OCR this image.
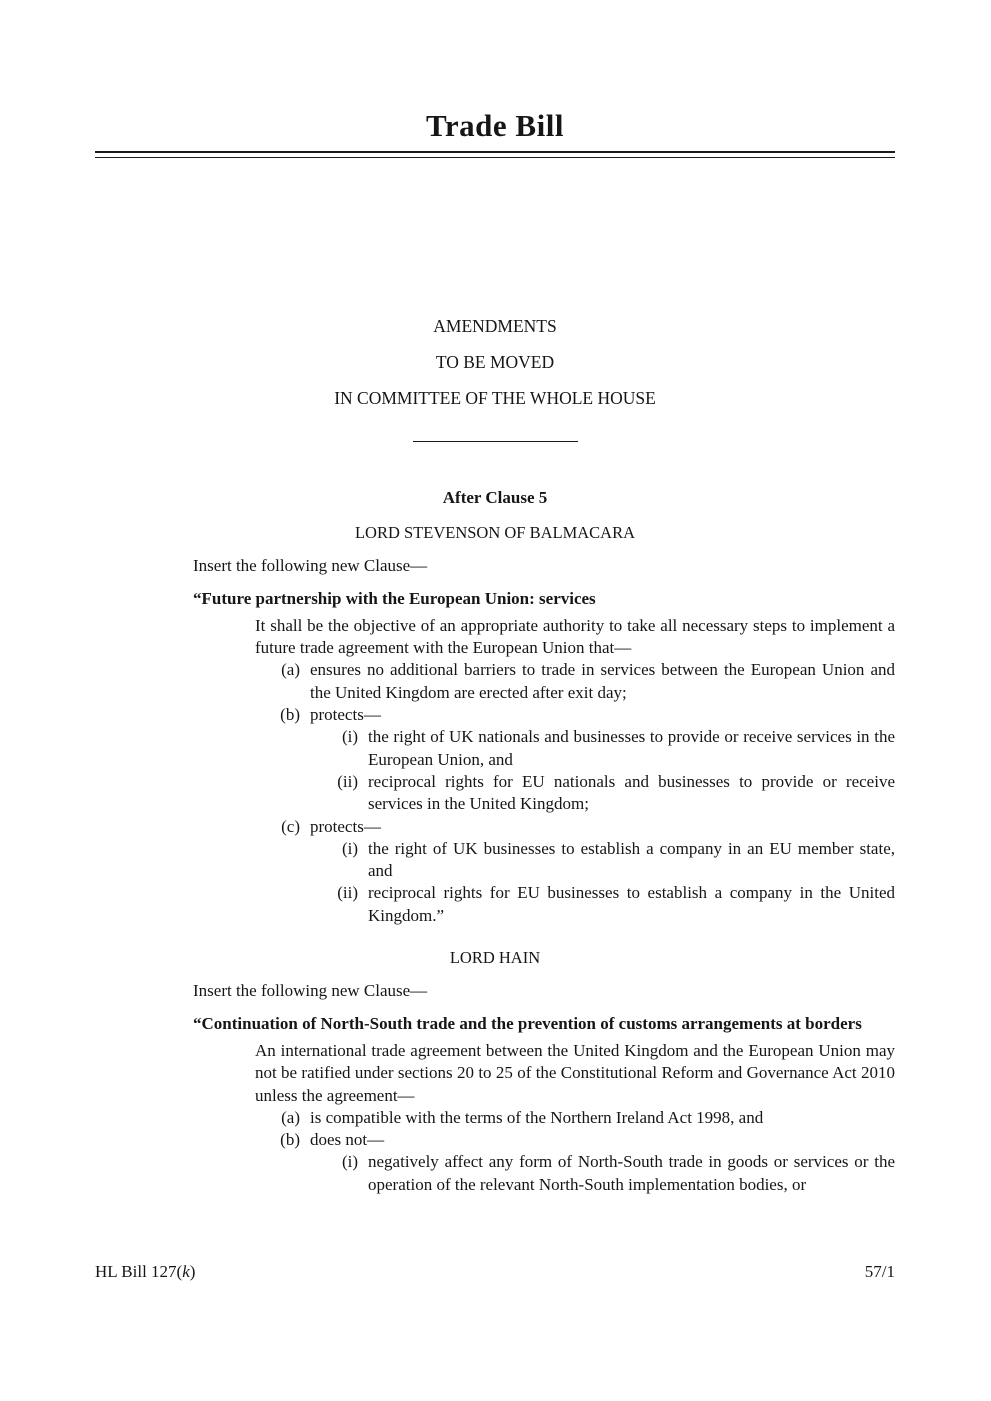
Trade Bill
AMENDMENTS
TO BE MOVED
IN COMMITTEE OF THE WHOLE HOUSE
After Clause 5
LORD STEVENSON OF BALMACARA
Insert the following new Clause—
“Future partnership with the European Union: services
It shall be the objective of an appropriate authority to take all necessary steps to implement a future trade agreement with the European Union that—
(a) ensures no additional barriers to trade in services between the European Union and the United Kingdom are erected after exit day;
(b) protects—
(i) the right of UK nationals and businesses to provide or receive services in the European Union, and
(ii) reciprocal rights for EU nationals and businesses to provide or receive services in the United Kingdom;
(c) protects—
(i) the right of UK businesses to establish a company in an EU member state, and
(ii) reciprocal rights for EU businesses to establish a company in the United Kingdom.”
LORD HAIN
Insert the following new Clause—
“Continuation of North-South trade and the prevention of customs arrangements at borders
An international trade agreement between the United Kingdom and the European Union may not be ratified under sections 20 to 25 of the Constitutional Reform and Governance Act 2010 unless the agreement—
(a) is compatible with the terms of the Northern Ireland Act 1998, and
(b) does not—
(i) negatively affect any form of North-South trade in goods or services or the operation of the relevant North-South implementation bodies, or
HL Bill 127(k)	57/1
